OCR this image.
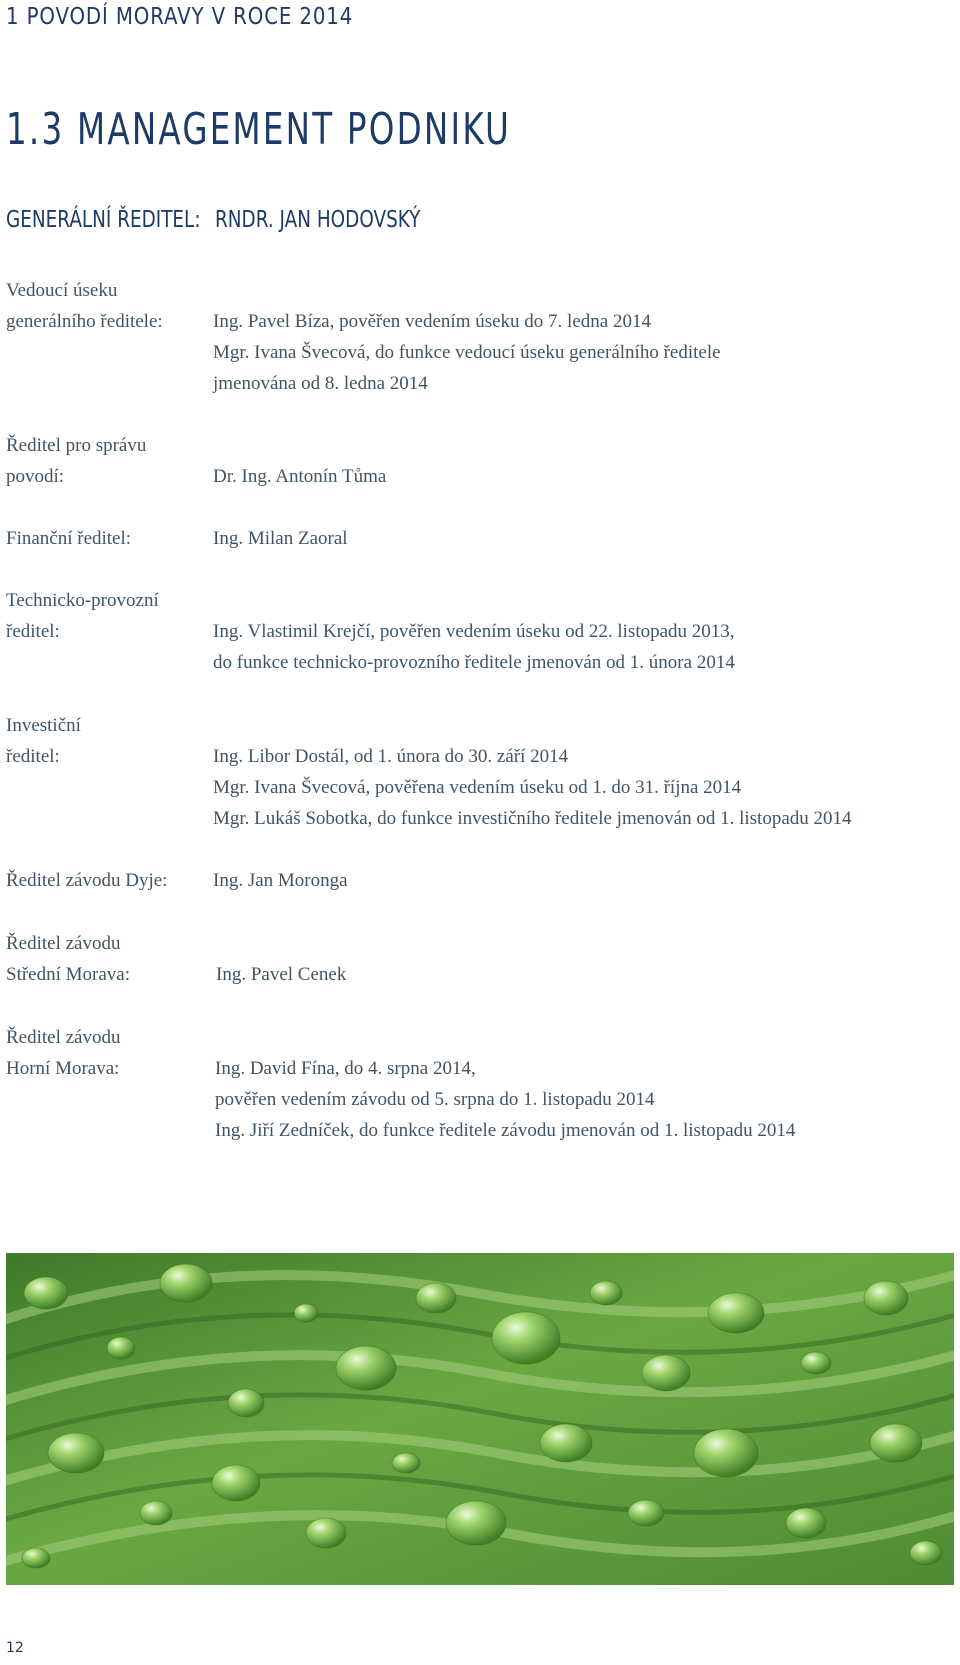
1 POVODÍ MORAVY V ROCE 2014
1.3 MANAGEMENT PODNIKU
GENERÁLNÍ ŘEDITEL: RNDR. JAN HODOVSKÝ
Vedoucí úseku
generálního ředitele:	Ing. Pavel Bíza, pověřen vedením úseku do 7. ledna 2014
Mgr. Ivana Švecová, do funkce vedoucí úseku generálního ředitele
jmenována od 8. ledna 2014
Ředitel pro správu
povodí:	Dr. Ing. Antonín Tůma
Finanční ředitel:	Ing. Milan Zaoral
Technicko-provozní
ředitel:	Ing. Vlastimil Krejčí, pověřen vedením úseku od 22. listopadu 2013,
do funkce technicko-provozního ředitele jmenován od 1. února 2014
Investiční
ředitel:	Ing. Libor Dostál, od 1. února do 30. září 2014
Mgr. Ivana Švecová, pověřena vedením úseku od 1. do 31. října 2014
Mgr. Lukáš Sobotka, do funkce investičního ředitele jmenován od 1. listopadu 2014
Ředitel závodu Dyje: Ing. Jan Moronga
Ředitel závodu
Střední Morava:	Ing. Pavel Cenek
Ředitel závodu
Horní Morava:	Ing. David Fína, do 4. srpna 2014,
pověřen vedením závodu od 5. srpna do 1. listopadu 2014
Ing. Jiří Zedníček, do funkce ředitele závodu jmenován od 1. listopadu 2014
12
